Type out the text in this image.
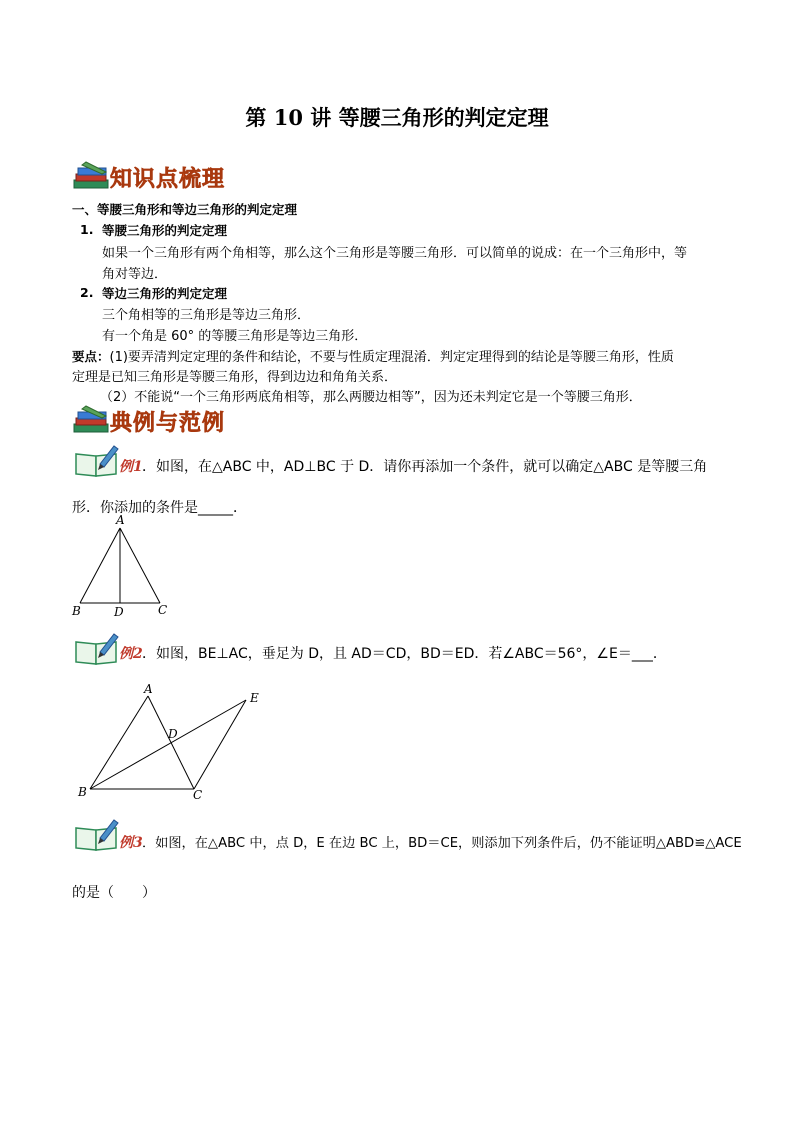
第 10 讲 等腰三角形的判定定理
知识点梳理
一、等腰三角形和等边三角形的判定定理
1. 等腰三角形的判定定理
如果一个三角形有两个角相等，那么这个三角形是等腰三角形．可以简单的说成：在一个三角形中，等
角对等边．
2. 等边三角形的判定定理
三个角相等的三角形是等边三角形．
有一个角是 60° 的等腰三角形是等边三角形．
要点：(1)要弄清判定定理的条件和结论，不要与性质定理混淆．判定定理得到的结论是等腰三角形，性质
定理是已知三角形是等腰三角形，得到边边和角角关系．
（2）不能说“一个三角形两底角相等，那么两腰边相等”，因为还未判定它是一个等腰三角形．
典例与范例
例1 ．如图，在△ABC 中，AD⊥BC 于 D．请你再添加一个条件，就可以确定△ABC 是等腰三角
形．你添加的条件是_____．
A
B	D	C
例2 ．如图，BE⊥AC，垂足为 D，且 AD＝CD，BD＝ED．若∠ABC＝56°，∠E＝___．
A
B	C
D
E
例3 ．如图，在△ABC 中，点 D，E 在边 BC 上，BD＝CE，则添加下列条件后，仍不能证明△ABD≌△ACE
的是（　　）
